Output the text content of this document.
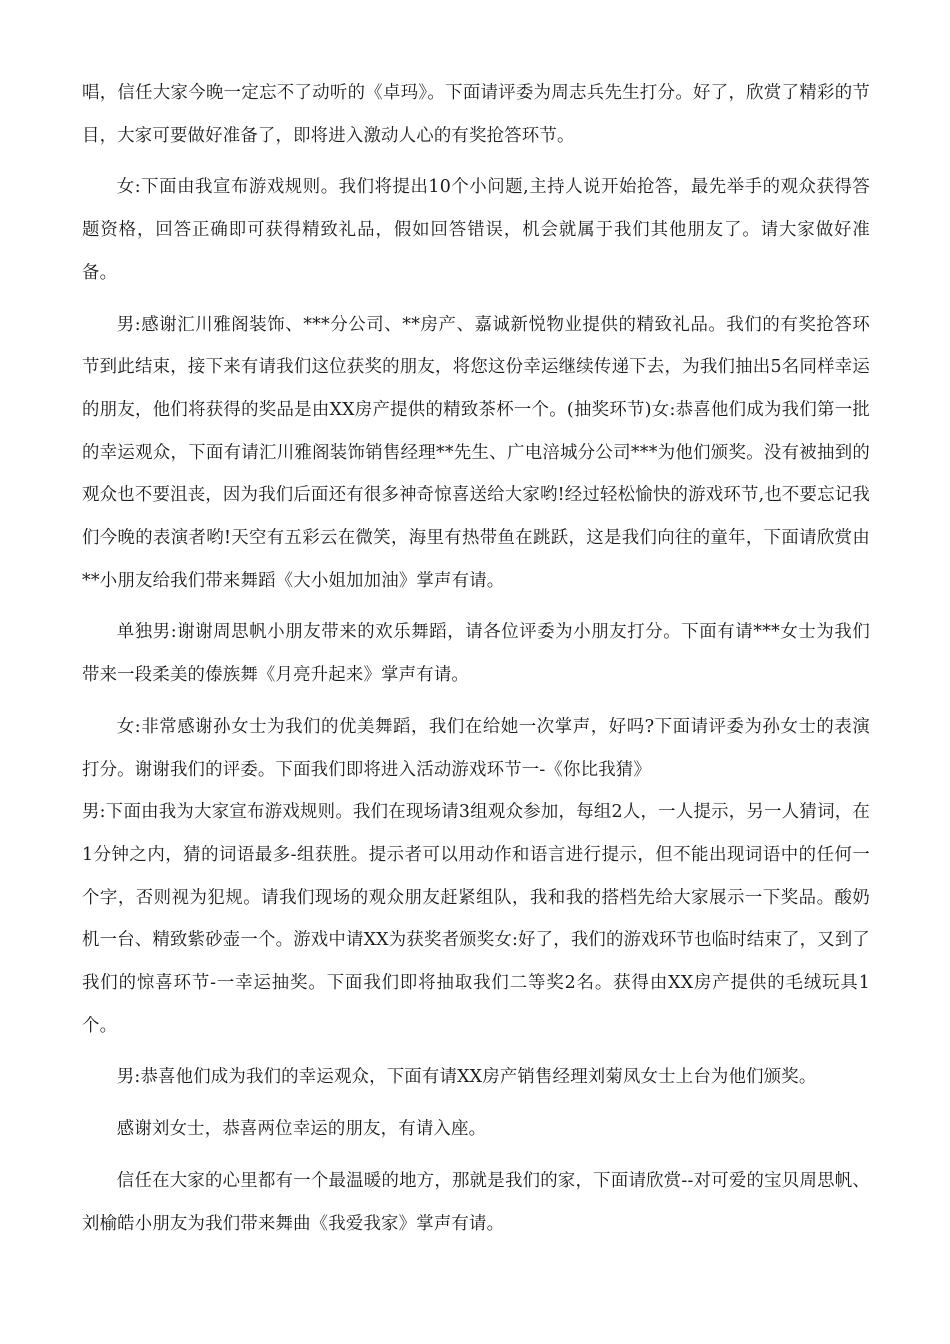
唱，信任大家今晚一定忘不了动听的《卓玛》。下面请评委为周志兵先生打分。好了，欣赏了精彩的节目，大家可要做好准备了，即将进入激动人心的有奖抢答环节。

女:下面由我宣布游戏规则。我们将提出10个小问题,主持人说开始抢答，最先举手的观众获得答题资格，回答正确即可获得精致礼品，假如回答错误，机会就属于我们其他朋友了。请大家做好准备。

男:感谢汇川雅阁装饰、***分公司、**房产、嘉诚新悦物业提供的精致礼品。我们的有奖抢答环节到此结束，接下来有请我们这位获奖的朋友，将您这份幸运继续传递下去，为我们抽出5名同样幸运的朋友，他们将获得的奖品是由XX房产提供的精致茶杯一个。(抽奖环节)女:恭喜他们成为我们第一批的幸运观众，下面有请汇川雅阁装饰销售经理**先生、广电涪城分公司***为他们颁奖。没有被抽到的观众也不要沮丧，因为我们后面还有很多神奇惊喜送给大家哟!经过轻松愉快的游戏环节,也不要忘记我们今晚的表演者哟!天空有五彩云在微笑，海里有热带鱼在跳跃，这是我们向往的童年，下面请欣赏由**小朋友给我们带来舞蹈《大小姐加加油》掌声有请。

单独男:谢谢周思帆小朋友带来的欢乐舞蹈，请各位评委为小朋友打分。下面有请***女士为我们带来一段柔美的傣族舞《月亮升起来》掌声有请。

女:非常感谢孙女士为我们的优美舞蹈，我们在给她一次掌声，好吗?下面请评委为孙女士的表演打分。谢谢我们的评委。下面我们即将进入活动游戏环节一-《你比我猜》

男:下面由我为大家宣布游戏规则。我们在现场请3组观众参加，每组2人，一人提示，另一人猜词，在1分钟之内，猜的词语最多-组获胜。提示者可以用动作和语言进行提示，但不能出现词语中的任何一个字，否则视为犯规。请我们现场的观众朋友赶紧组队，我和我的搭档先给大家展示一下奖品。酸奶机一台、精致紫砂壶一个。游戏中请XX为获奖者颁奖女:好了，我们的游戏环节也临时结束了，又到了我们的惊喜环节-一幸运抽奖。下面我们即将抽取我们二等奖2名。获得由XX房产提供的毛绒玩具1个。

男:恭喜他们成为我们的幸运观众，下面有请XX房产销售经理刘菊凤女士上台为他们颁奖。

感谢刘女士，恭喜两位幸运的朋友，有请入座。

信任在大家的心里都有一个最温暖的地方，那就是我们的家，下面请欣赏--对可爱的宝贝周思帆、刘榆皓小朋友为我们带来舞曲《我爱我家》掌声有请。
